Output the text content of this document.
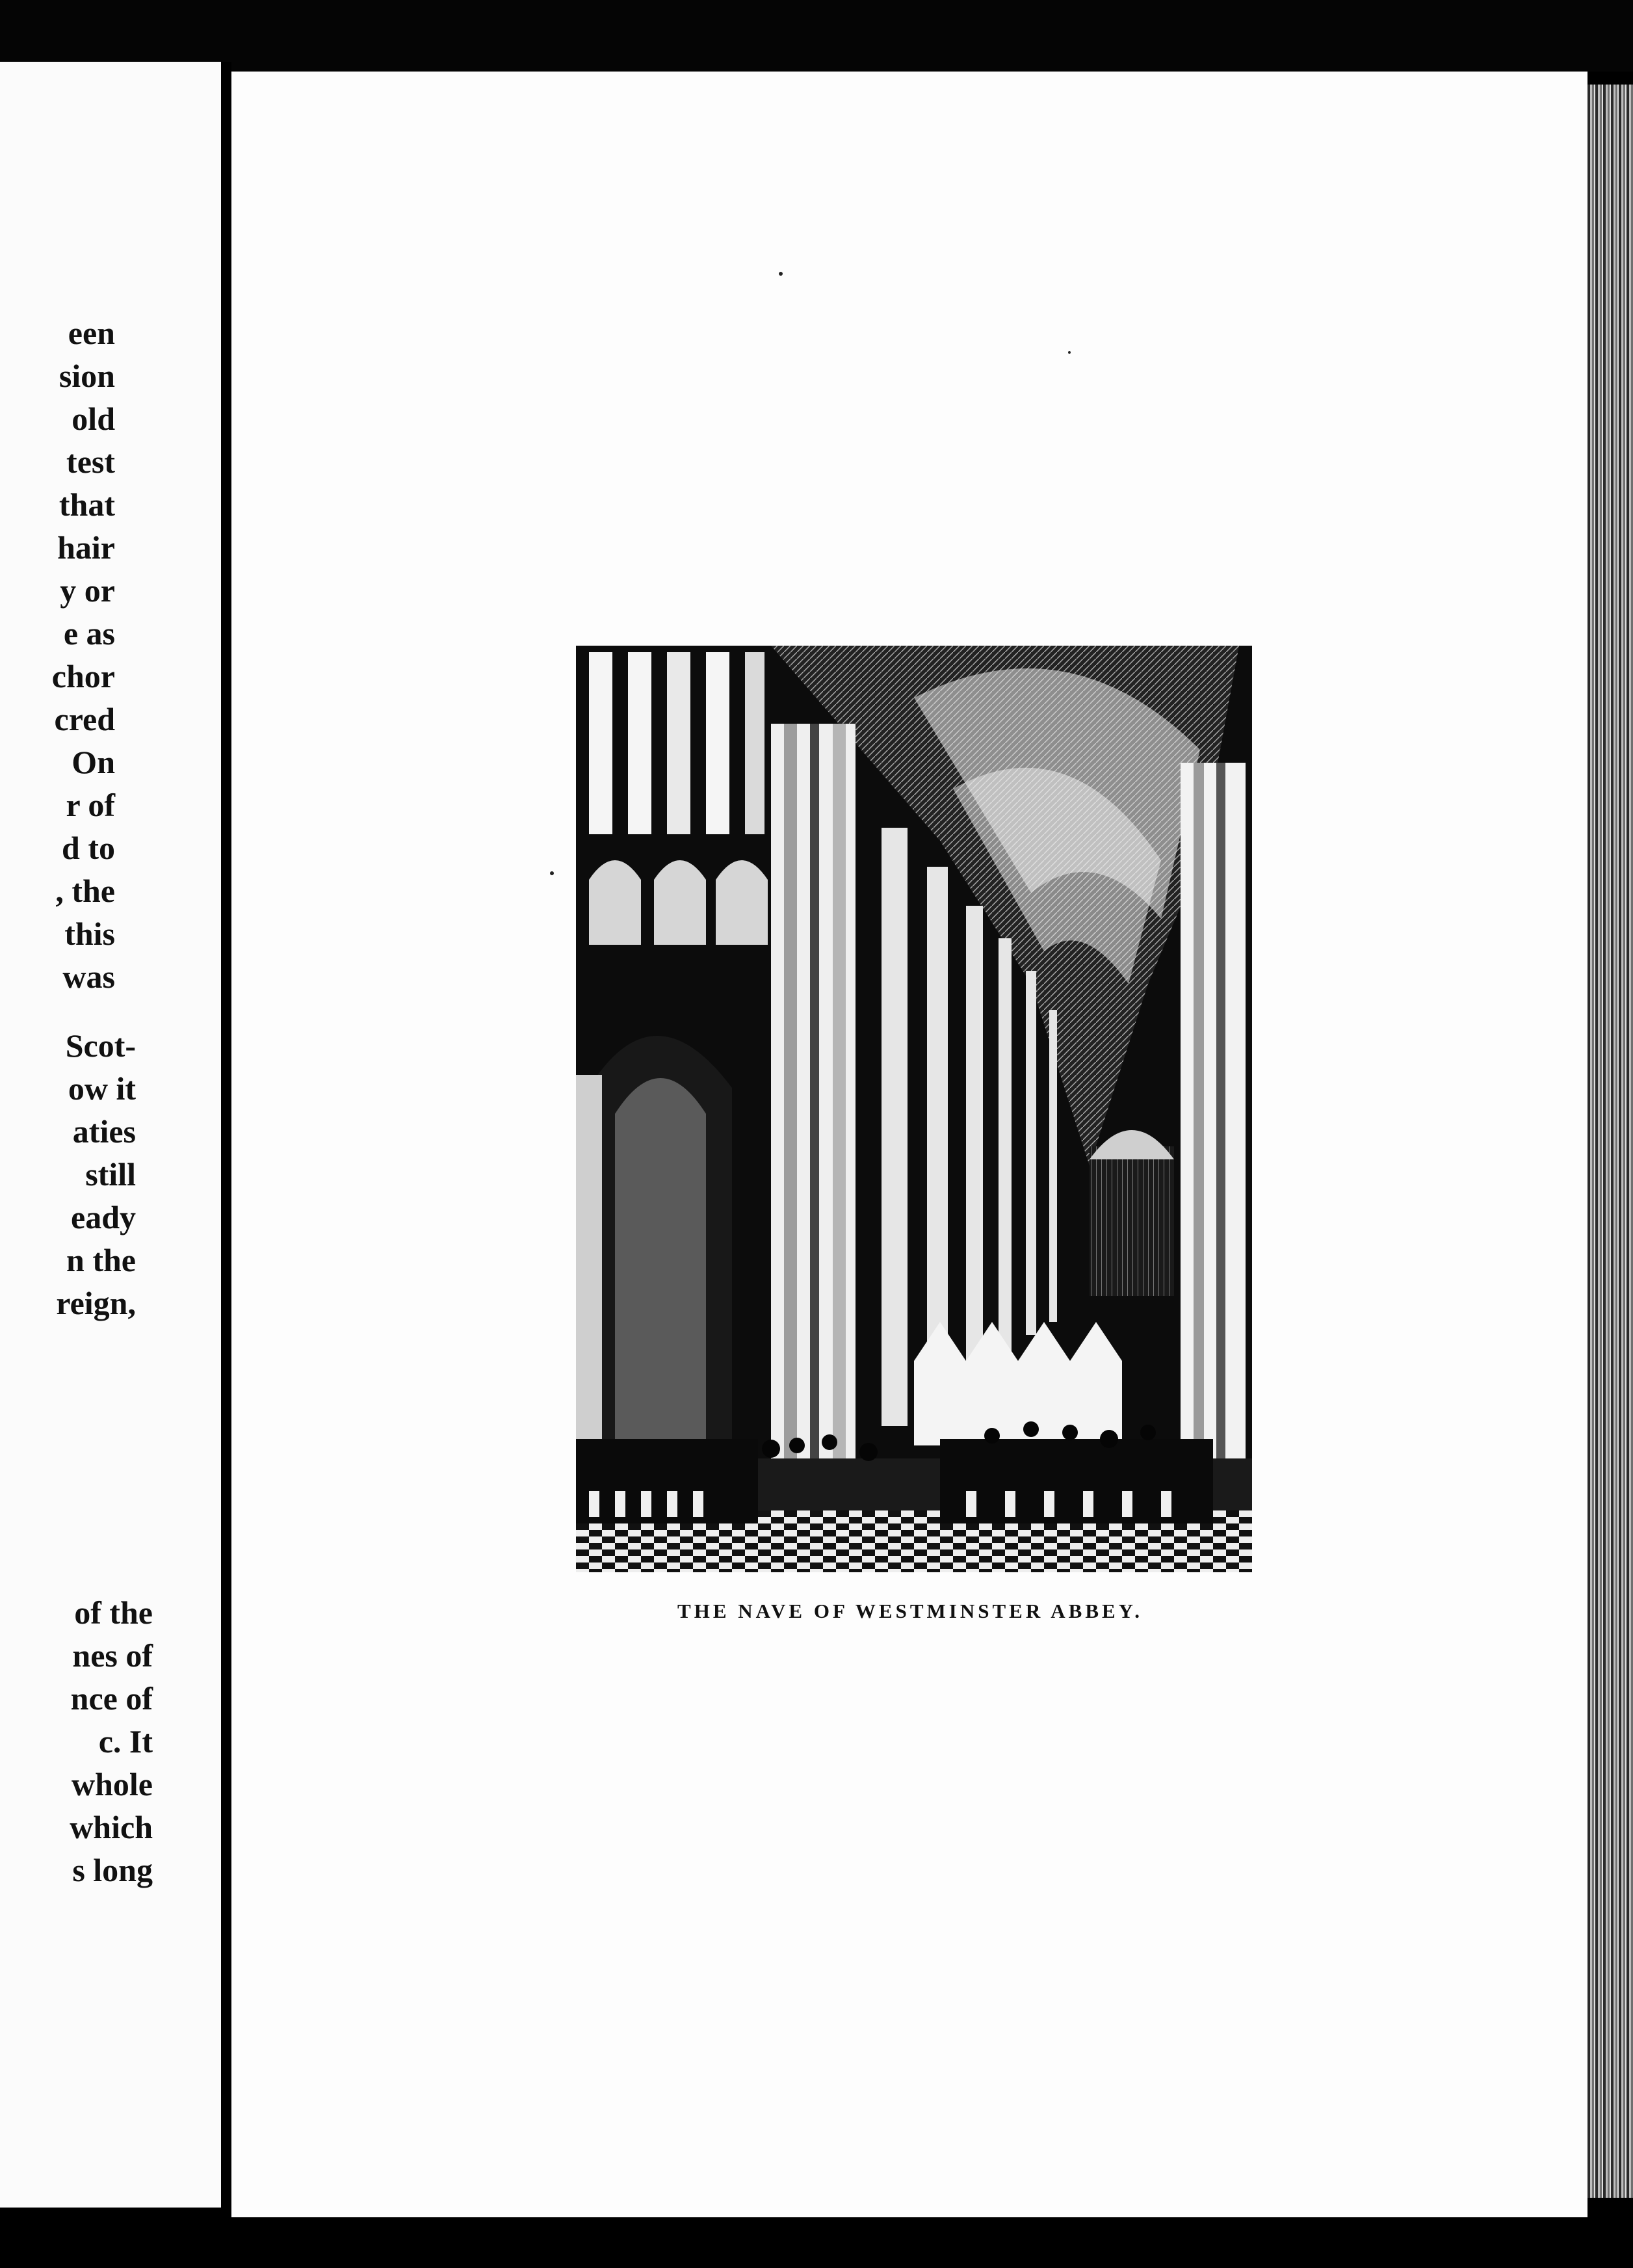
een
sion
old
test
that
hair
y or
e as
chor
cred
On
r of
d to
, the
this
was
Scot-
ow it
aties
still
eady
n the
reign,
of the
nes of
nce of
c. It
whole
which
s long
THE NAVE OF WESTMINSTER ABBEY.
